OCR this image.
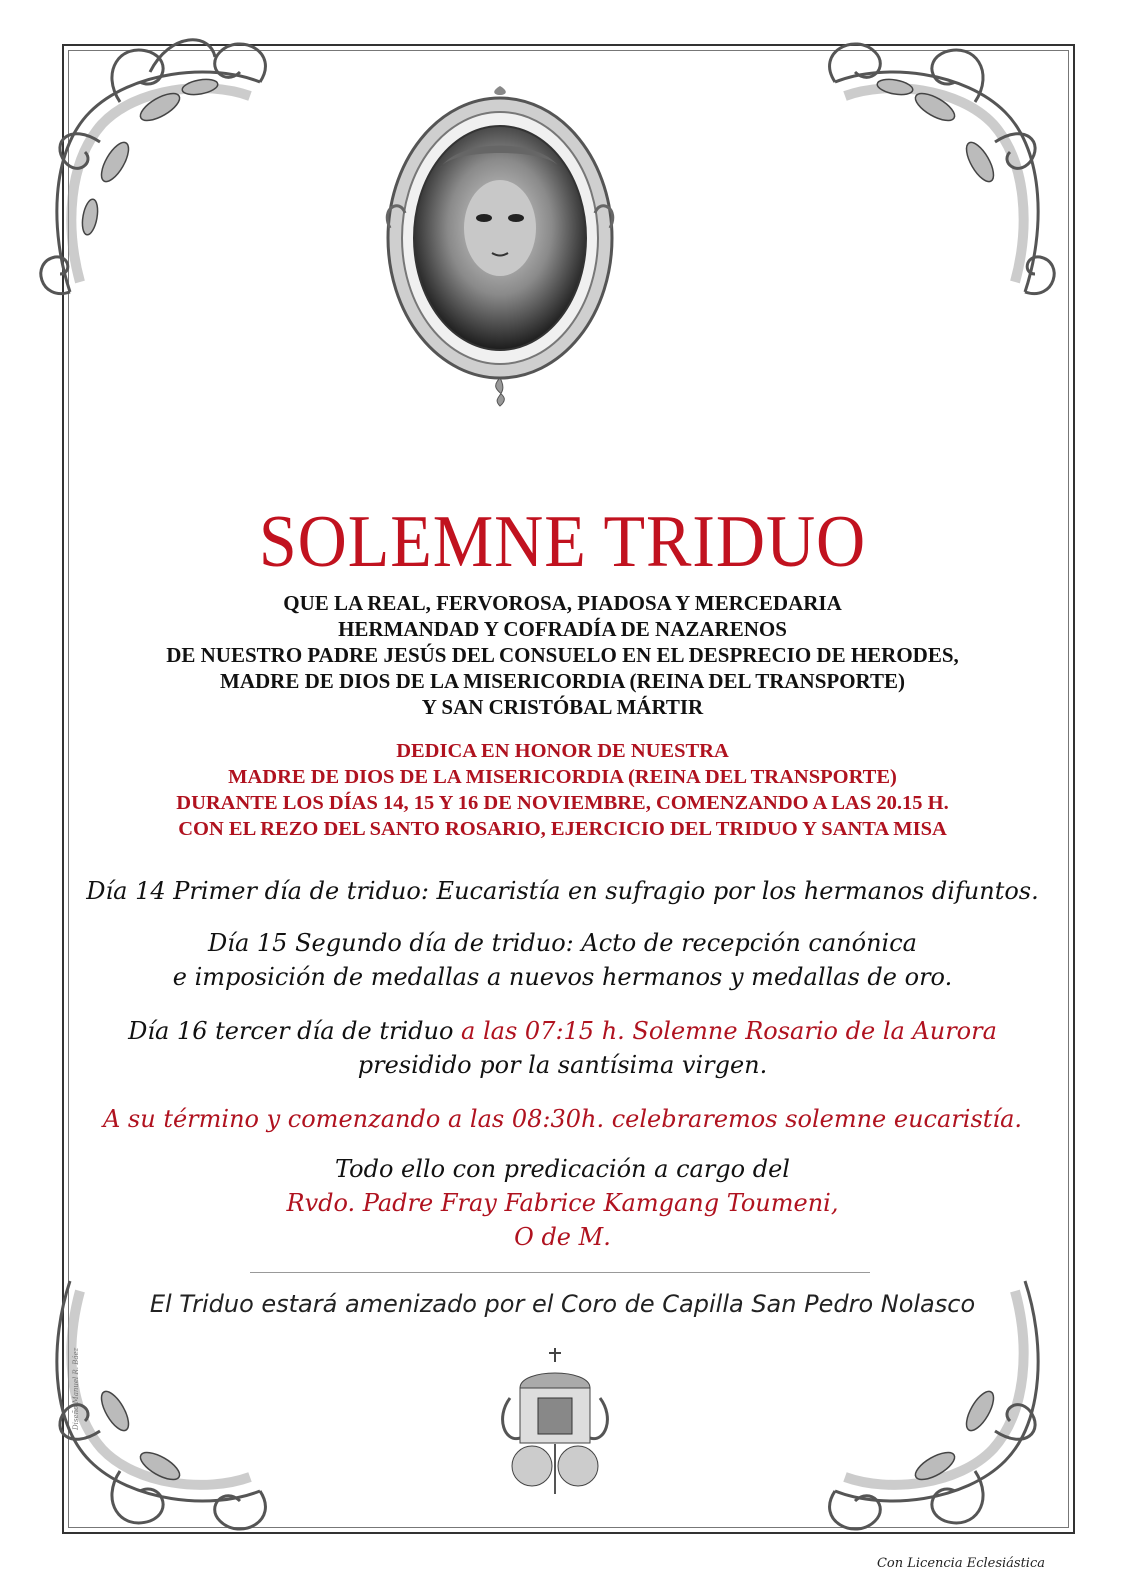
SOLEMNE TRIDUO
QUE LA REAL, FERVOROSA, PIADOSA Y MERCEDARIA
HERMANDAD Y COFRADÍA DE NAZARENOS
DE NUESTRO PADRE JESÚS DEL CONSUELO EN EL DESPRECIO DE HERODES,
MADRE DE DIOS DE LA MISERICORDIA (REINA DEL TRANSPORTE)
Y SAN CRISTÓBAL MÁRTIR
DEDICA EN HONOR DE NUESTRA
MADRE DE DIOS DE LA MISERICORDIA (REINA DEL TRANSPORTE)
DURANTE LOS DÍAS 14, 15 Y 16 DE NOVIEMBRE, COMENZANDO A LAS 20.15 H.
CON EL REZO DEL SANTO ROSARIO, EJERCICIO DEL TRIDUO Y SANTA MISA
Día 14 Primer día de triduo: Eucaristía en sufragio por los hermanos difuntos.
Día 15 Segundo día de triduo: Acto de recepción canónica
e imposición de medallas a nuevos hermanos y medallas de oro.
Día 16 tercer día de triduo a las 07:15 h. Solemne Rosario de la Aurora
presidido por la santísima virgen.
A su término y comenzando a las 08:30h. celebraremos solemne eucaristía.
Todo ello con predicación a cargo del
Rvdo. Padre Fray Fabrice Kamgang Toumeni,
O de M.
El Triduo estará amenizado por el Coro de Capilla San Pedro Nolasco
Diseño Manuel R. Báez
Con Licencia Eclesiástica
